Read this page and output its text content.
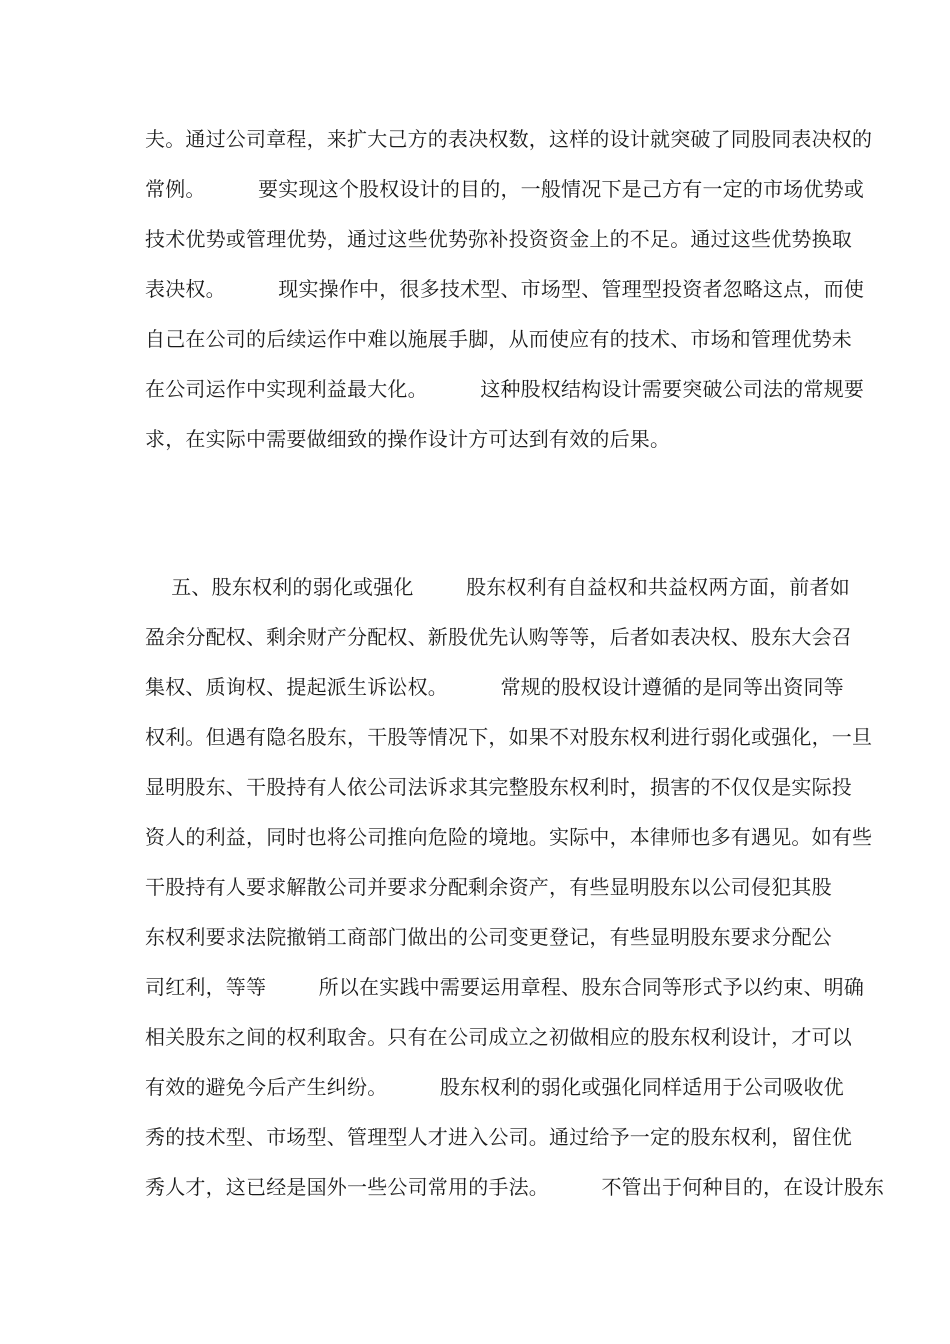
夫。通过公司章程，来扩大己方的表决权数，这样的设计就突破了同股同表决权的
常例。        要实现这个股权设计的目的，一般情况下是己方有一定的市场优势或
技术优势或管理优势，通过这些优势弥补投资资金上的不足。通过这些优势换取
表决权。        现实操作中，很多技术型、市场型、管理型投资者忽略这点，而使
自己在公司的后续运作中难以施展手脚，从而使应有的技术、市场和管理优势未
在公司运作中实现利益最大化。        这种股权结构设计需要突破公司法的常规要
求，在实际中需要做细致的操作设计方可达到有效的后果。
五、股东权利的弱化或强化        股东权利有自益权和共益权两方面，前者如
盈余分配权、剩余财产分配权、新股优先认购等等，后者如表决权、股东大会召
集权、质询权、提起派生诉讼权。        常规的股权设计遵循的是同等出资同等
权利。但遇有隐名股东，干股等情况下，如果不对股东权利进行弱化或强化，一旦
显明股东、干股持有人依公司法诉求其完整股东权利时，损害的不仅仅是实际投
资人的利益，同时也将公司推向危险的境地。实际中，本律师也多有遇见。如有些
干股持有人要求解散公司并要求分配剩余资产，有些显明股东以公司侵犯其股
东权利要求法院撤销工商部门做出的公司变更登记，有些显明股东要求分配公
司红利，等等        所以在实践中需要运用章程、股东合同等形式予以约束、明确
相关股东之间的权利取舍。只有在公司成立之初做相应的股东权利设计，才可以
有效的避免今后产生纠纷。        股东权利的弱化或强化同样适用于公司吸收优
秀的技术型、市场型、管理型人才进入公司。通过给予一定的股东权利，留住优
秀人才，这已经是国外一些公司常用的手法。        不管出于何种目的，在设计股东
